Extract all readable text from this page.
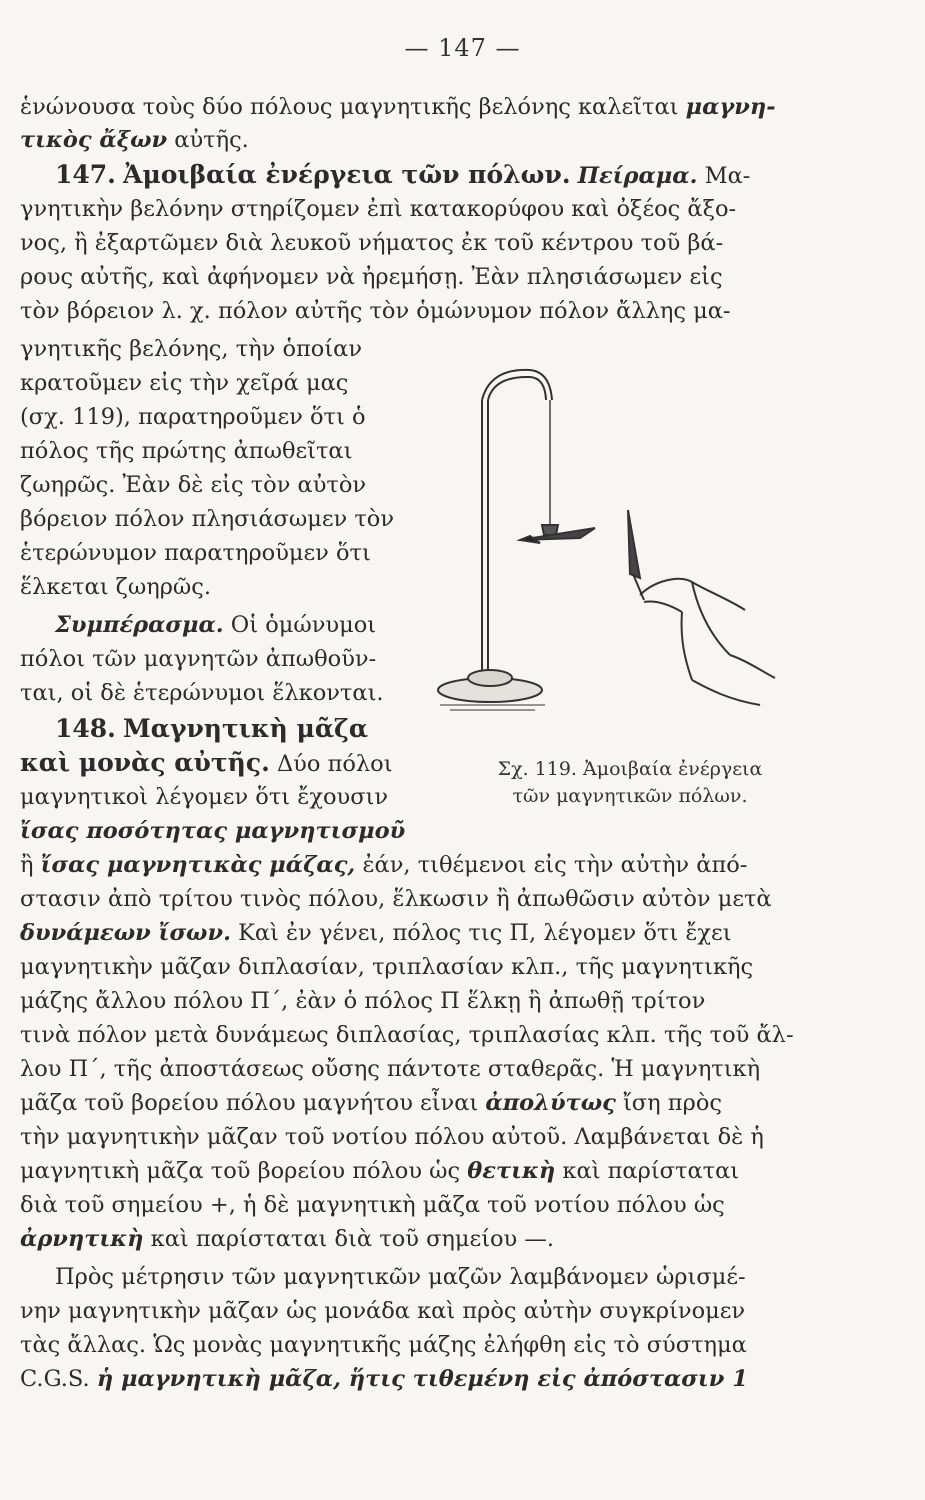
— 147 —
ἑνώνουσα τοὺς δύο πόλους μαγνητικῆς βελόνης καλεῖται μαγνη-
τικὸς ἄξων αὐτῆς.
147. Ἀμοιβαία ἐνέργεια τῶν πόλων. Πείραμα. Μα-
γνητικὴν βελόνην στηρίζομεν ἐπὶ κατακορύφου καὶ ὀξέος ἄξο-
νος, ἢ ἐξαρτῶμεν διὰ λευκοῦ νήματος ἐκ τοῦ κέντρου τοῦ βά-
ρους αὐτῆς, καὶ ἀφήνομεν νὰ ἠρεμήσῃ. Ἐὰν πλησιάσωμεν εἰς
τὸν βόρειον λ. χ. πόλον αὐτῆς τὸν ὁμώνυμον πόλον ἄλλης μα-
γνητικῆς βελόνης, τὴν ὁποίαν
κρατοῦμεν εἰς τὴν χεῖρά μας
(σχ. 119), παρατηροῦμεν ὅτι ὁ
πόλος τῆς πρώτης ἀπωθεῖται
ζωηρῶς. Ἐὰν δὲ εἰς τὸν αὐτὸν
βόρειον πόλον πλησιάσωμεν τὸν
ἑτερώνυμον παρατηροῦμεν ὅτι
ἕλκεται ζωηρῶς.
Συμπέρασμα. Οἱ ὁμώνυμοι
πόλοι τῶν μαγνητῶν ἀπωθοῦν-
ται, οἱ δὲ ἑτερώνυμοι ἕλκονται.
148. Μαγνητικὴ μᾶζα
καὶ μονὰς αὐτῆς. Δύο πόλοι
μαγνητικοὶ λέγομεν ὅτι ἔχουσιν
ἴσας ποσότητας μαγνητισμοῦ
ἢ ἴσας μαγνητικὰς μάζας, ἐάν, τιθέμενοι εἰς τὴν αὐτὴν ἀπό-
στασιν ἀπὸ τρίτου τινὸς πόλου, ἕλκωσιν ἢ ἀπωθῶσιν αὐτὸν μετὰ
δυνάμεων ἴσων. Καὶ ἐν γένει, πόλος τις Π, λέγομεν ὅτι ἔχει
μαγνητικὴν μᾶζαν διπλασίαν, τριπλασίαν κλπ., τῆς μαγνητικῆς
μάζης ἄλλου πόλου Π΄, ἐὰν ὁ πόλος Π ἕλκῃ ἢ ἀπωθῇ τρίτον
τινὰ πόλον μετὰ δυνάμεως διπλασίας, τριπλασίας κλπ. τῆς τοῦ ἄλ-
λου Π΄, τῆς ἀποστάσεως οὔσης πάντοτε σταθερᾶς. Ἡ μαγνητικὴ
μᾶζα τοῦ βορείου πόλου μαγνήτου εἶναι ἀπολύτως ἴση πρὸς
τὴν μαγνητικὴν μᾶζαν τοῦ νοτίου πόλου αὐτοῦ. Λαμβάνεται δὲ ἡ
μαγνητικὴ μᾶζα τοῦ βορείου πόλου ὡς θετικὴ καὶ παρίσταται
διὰ τοῦ σημείου +, ἡ δὲ μαγνητικὴ μᾶζα τοῦ νοτίου πόλου ὡς
ἀρνητικὴ καὶ παρίσταται διὰ τοῦ σημείου —.
Πρὸς μέτρησιν τῶν μαγνητικῶν μαζῶν λαμβάνομεν ὡρισμέ-
νην μαγνητικὴν μᾶζαν ὡς μονάδα καὶ πρὸς αὐτὴν συγκρίνομεν
τὰς ἄλλας. Ὡς μονὰς μαγνητικῆς μάζης ἐλήφθη εἰς τὸ σύστημα
C.G.S. ἡ μαγνητικὴ μᾶζα, ἥτις τιθεμένη εἰς ἀπόστασιν 1
Σχ. 119. Ἀμοιβαία ἐνέργεια
τῶν μαγνητικῶν πόλων.
